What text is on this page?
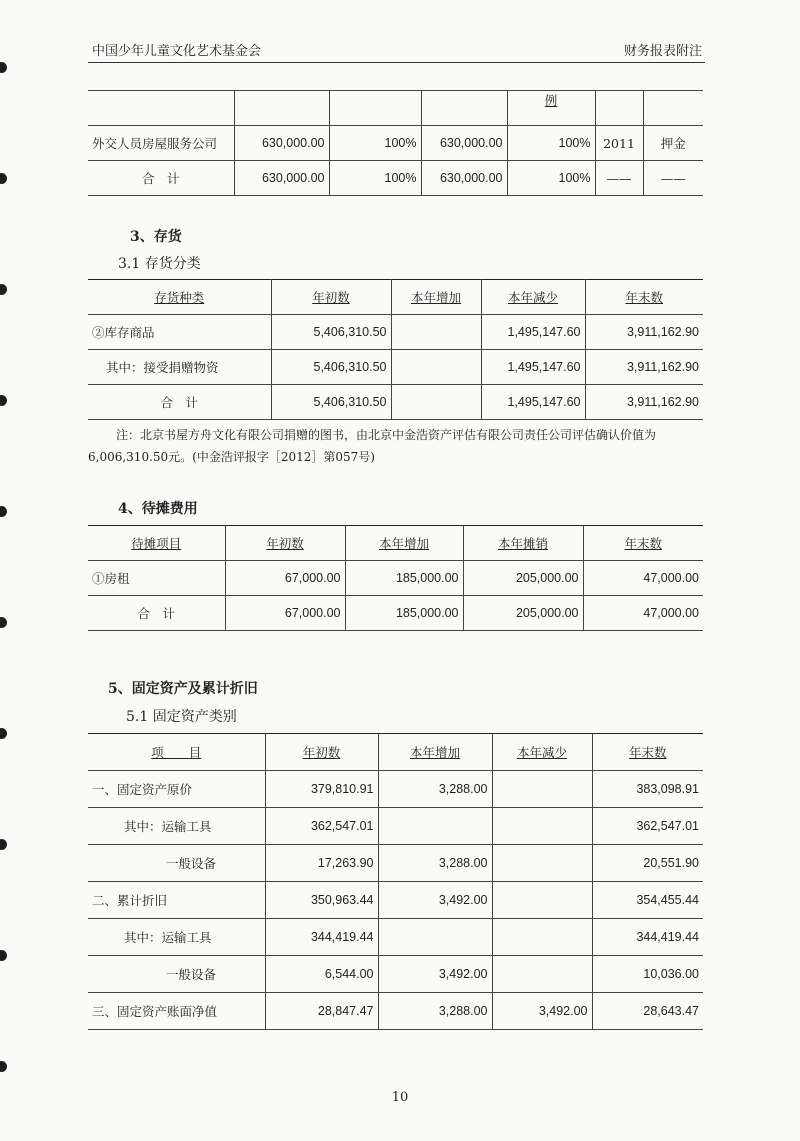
中国少年儿童文化艺术基金会	财务报表附注
				例		
外交人员房屋服务公司	630,000.00	100%	630,000.00	100%	2011	押金
合　计	630,000.00	100%	630,000.00	100%	——	——
3、存货
3.1 存货分类
存货种类	年初数	本年增加	本年减少	年末数
②库存商品	5,406,310.50		1,495,147.60	3,911,162.90
其中：接受捐赠物资	5,406,310.50		1,495,147.60	3,911,162.90
合　计	5,406,310.50		1,495,147.60	3,911,162.90
注：北京书屋方舟文化有限公司捐赠的图书，由北京中金浩资产评估有限公司责任公司评估确认价值为
6,006,310.50元。(中金浩评报字［2012］第057号)
4、待摊费用
待摊项目	年初数	本年增加	本年摊销	年末数
①房租	67,000.00	185,000.00	205,000.00	47,000.00
合　计	67,000.00	185,000.00	205,000.00	47,000.00
5、固定资产及累计折旧
5.1 固定资产类别
项　　目	年初数	本年增加	本年减少	年末数
一、固定资产原价	379,810.91	3,288.00		383,098.91
其中：运输工具	362,547.01			362,547.01
一般设备	17,263.90	3,288.00		20,551.90
二、累计折旧	350,963.44	3,492.00		354,455.44
其中：运输工具	344,419.44			344,419.44
一般设备	6,544.00	3,492.00		10,036.00
三、固定资产账面净值	28,847.47	3,288.00	3,492.00	28,643.47
10
